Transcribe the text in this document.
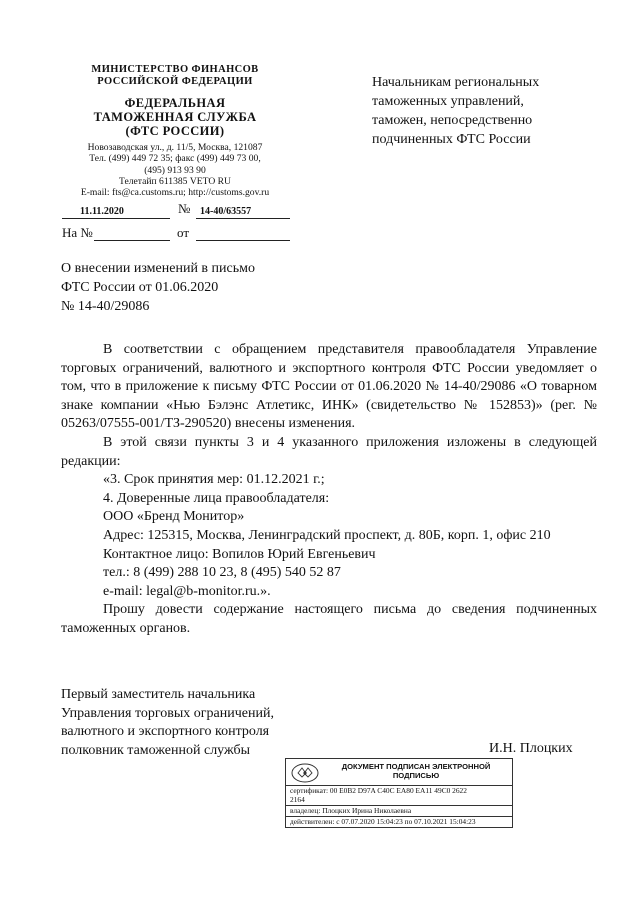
МИНИСТЕРСТВО ФИНАНСОВ
РОССИЙСКОЙ ФЕДЕРАЦИИ
ФЕДЕРАЛЬНАЯ
ТАМОЖЕННАЯ СЛУЖБА
(ФТС РОССИИ)
Новозаводская ул., д. 11/5, Москва, 121087
Тел. (499) 449 72 35; факс (499) 449 73 00,
(495) 913 93 90
Телетайп 611385 VETO RU
E-mail: fts@ca.customs.ru; http://customs.gov.ru
11.11.2020	№ 14-40/63557
На №	от
Начальникам региональных
таможенных управлений,
таможен, непосредственно
подчиненных ФТС России
О внесении изменений в письмо
ФТС России от 01.06.2020
№ 14-40/29086

В соответствии с обращением представителя правообладателя Управление торговых ограничений, валютного и экспортного контроля ФТС России уведомляет о том, что в приложение к письму ФТС России от 01.06.2020 № 14-40/29086 «О товарном знаке компании «Нью Бэлэнс Атлетикс, ИНК» (свидетельство № 152853)» (рег. № 05263/07555-001/ТЗ-290520) внесены изменения.

В этой связи пункты 3 и 4 указанного приложения изложены в следующей редакции:

«3. Срок принятия мер: 01.12.2021 г.;
4. Доверенные лица правообладателя:
ООО «Бренд Монитор»
Адрес: 125315, Москва, Ленинградский проспект, д. 80Б, корп. 1, офис 210
Контактное лицо: Вопилов Юрий Евгеньевич
тел.: 8 (499) 288 10 23, 8 (495) 540 52 87
e-mail: legal@b-monitor.ru.».

Прошу довести содержание настоящего письма до сведения подчиненных таможенных органов.

Первый заместитель начальника
Управления торговых ограничений,
валютного и экспортного контроля
полковник таможенной службы	И.Н. Плоцких
ДОКУМЕНТ ПОДПИСАН ЭЛЕКТРОННОЙ
ПОДПИСЬЮ
сертификат: 00 E0B2 D97A C40C EA80 EA11 49C0 2622
2164
владелец: Плоцких Ирина Николаевна
действителен: с 07.07.2020 15:04:23 по 07.10.2021 15:04:23
